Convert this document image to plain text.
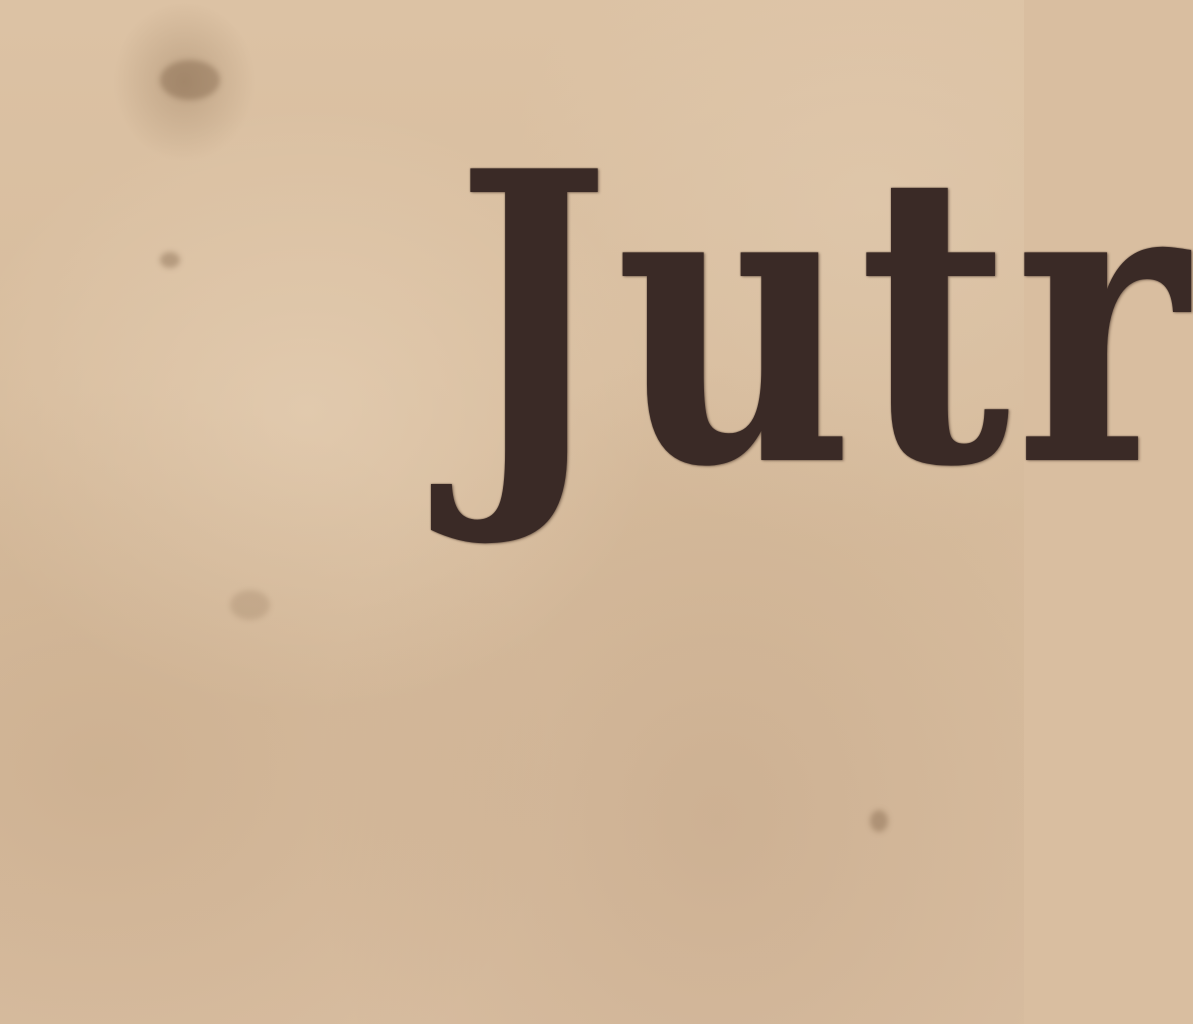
Jutr
